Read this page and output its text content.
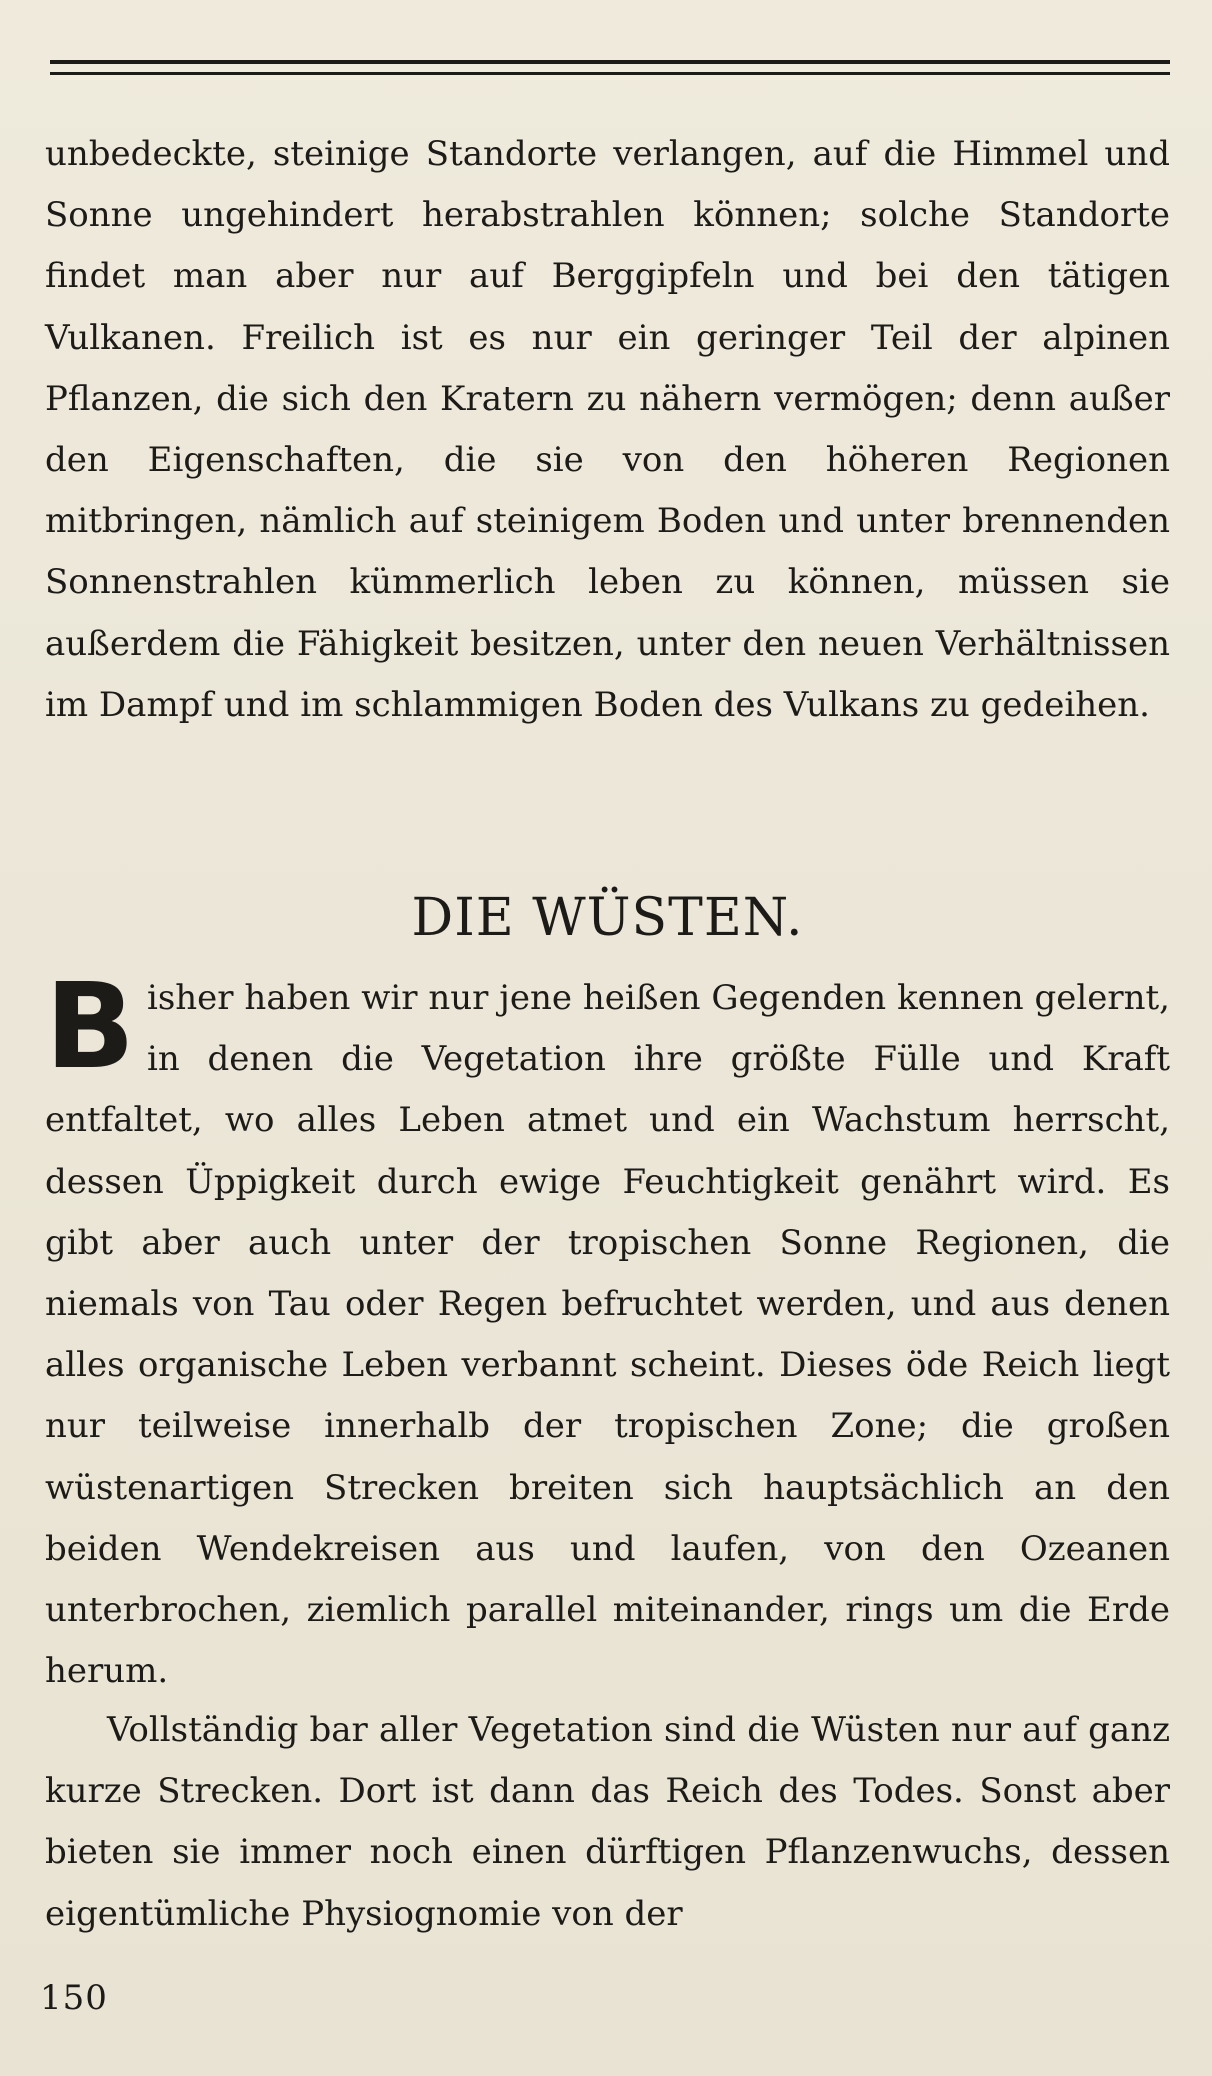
unbedeckte, steinige Standorte verlangen, auf die Himmel und Sonne ungehindert herabstrahlen können; solche Standorte findet man aber nur auf Berggipfeln und bei den tätigen Vulkanen. Freilich ist es nur ein geringer Teil der alpinen Pflanzen, die sich den Kratern zu nähern vermögen; denn außer den Eigenschaften, die sie von den höheren Regionen mitbringen, nämlich auf steinigem Boden und unter brennenden Sonnenstrahlen kümmerlich leben zu können, müssen sie außerdem die Fähigkeit besitzen, unter den neuen Verhältnissen im Dampf und im schlammigen Boden des Vulkans zu gedeihen.

DIE WÜSTEN.

Bisher haben wir nur jene heißen Gegenden kennen gelernt, in denen die Vegetation ihre größte Fülle und Kraft entfaltet, wo alles Leben atmet und ein Wachstum herrscht, dessen Üppigkeit durch ewige Feuchtigkeit genährt wird. Es gibt aber auch unter der tropischen Sonne Regionen, die niemals von Tau oder Regen befruchtet werden, und aus denen alles organische Leben verbannt scheint. Dieses öde Reich liegt nur teilweise innerhalb der tropischen Zone; die großen wüstenartigen Strecken breiten sich hauptsächlich an den beiden Wendekreisen aus und laufen, von den Ozeanen unterbrochen, ziemlich parallel miteinander, rings um die Erde herum.

Vollständig bar aller Vegetation sind die Wüsten nur auf ganz kurze Strecken. Dort ist dann das Reich des Todes. Sonst aber bieten sie immer noch einen dürftigen Pflanzenwuchs, dessen eigentümliche Physiognomie von der

150
